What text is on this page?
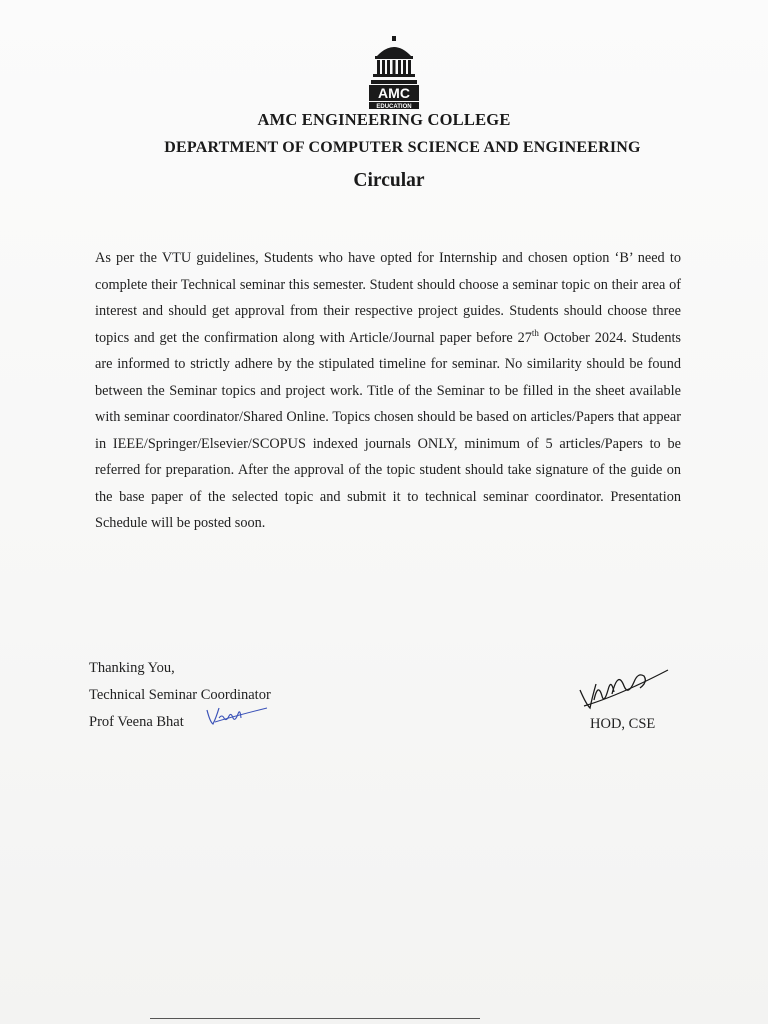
AMC
EDUCATION
AMC ENGINEERING COLLEGE
DEPARTMENT OF COMPUTER SCIENCE AND ENGINEERING
Circular
As per the VTU guidelines, Students who have opted for Internship and chosen option ‘B’ need to complete their Technical seminar this semester. Student should choose a seminar topic on their area of interest and should get approval from their respective project guides. Students should choose three topics and get the confirmation along with Article/Journal paper before 27th October 2024. Students are informed to strictly adhere by the stipulated timeline for seminar. No similarity should be found between the Seminar topics and project work. Title of the Seminar to be filled in the sheet available with seminar coordinator/Shared Online. Topics chosen should be based on articles/Papers that appear in IEEE/Springer/Elsevier/SCOPUS indexed journals ONLY, minimum of 5 articles/Papers to be referred for preparation. After the approval of the topic student should take signature of the guide on the base paper of the selected topic and submit it to technical seminar coordinator. Presentation Schedule will be posted soon.
Thanking You,
Technical Seminar Coordinator
Prof Veena Bhat	HOD, CSE
